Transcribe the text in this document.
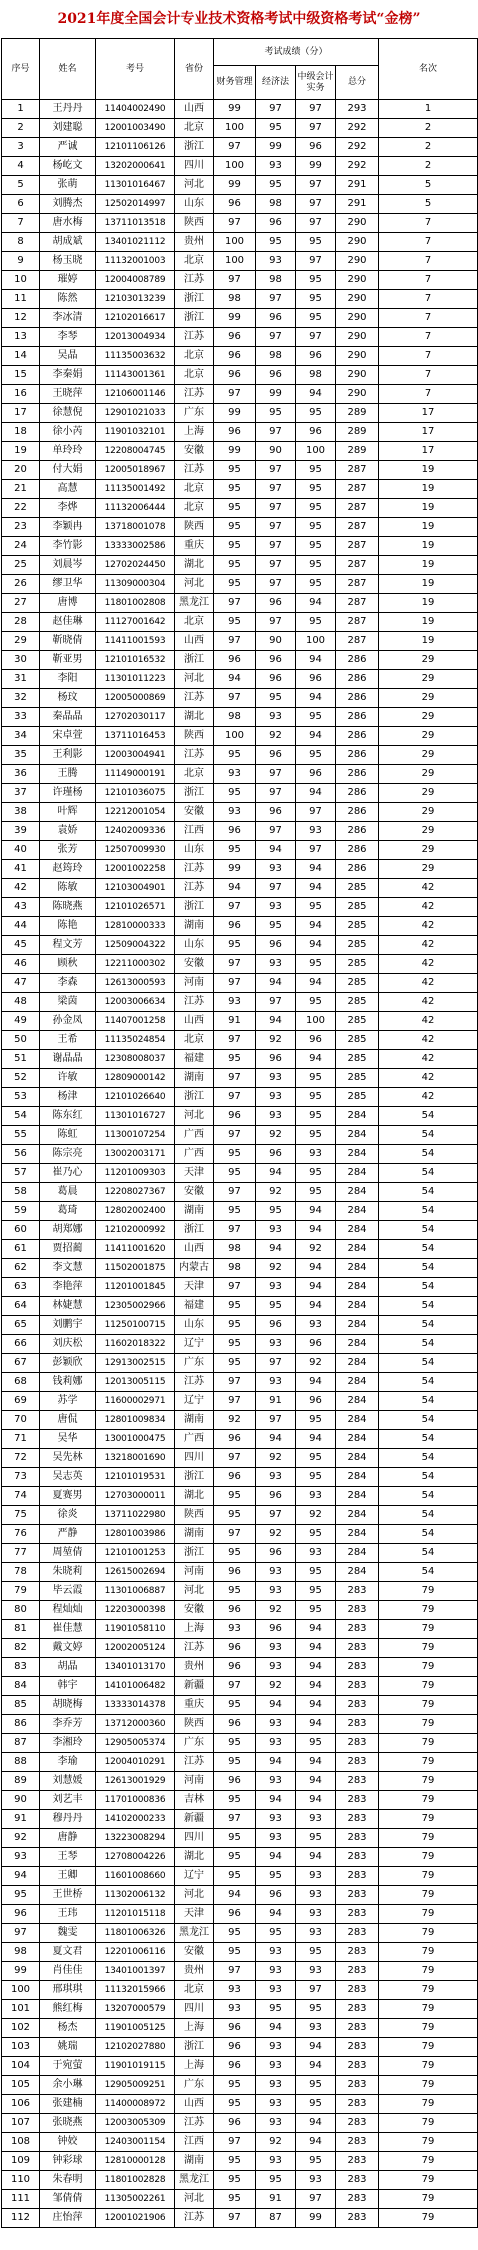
2021年度全国会计专业技术资格考试中级资格考试“金榜”
序号	姓名	考号	省份	考试成绩（分）				名次
				财务管理	经济法	中级会计实务	总分	
1	王丹丹	11404002490	山西	99	97	97	293	1
2	刘建聪	12001003490	北京	100	95	97	292	2
3	严诚	12101106126	浙江	97	99	96	292	2
4	杨屹文	13202000641	四川	100	93	99	292	2
5	张萌	11301016467	河北	99	95	97	291	5
6	刘腾杰	12502014997	山东	96	98	97	291	5
7	唐水梅	13711013518	陕西	97	96	97	290	7
8	胡成斌	13401021112	贵州	100	95	95	290	7
9	杨玉晓	11132001003	北京	100	93	97	290	7
10	璀婷	12004008789	江苏	97	98	95	290	7
11	陈然	12103013239	浙江	98	97	95	290	7
12	李冰清	12102016617	浙江	99	96	95	290	7
13	李琴	12013004934	江苏	96	97	97	290	7
14	吴晶	11135003632	北京	96	98	96	290	7
15	李秦娟	11143001361	北京	96	96	98	290	7
16	王晓萍	12106001146	江苏	97	99	94	290	7
17	徐慧倪	12901021033	广东	99	95	95	289	17
18	徐小芮	11901032101	上海	96	97	96	289	17
19	单玲玲	12208004745	安徽	99	90	100	289	17
20	付大娟	12005018967	江苏	95	97	95	287	19
21	高慧	11135001492	北京	95	97	95	287	19
22	李烨	11132006444	北京	95	97	95	287	19
23	李颖冉	13718001078	陕西	95	97	95	287	19
24	李竹影	13333002586	重庆	95	97	95	287	19
25	刘晨岑	12702024450	湖北	95	97	95	287	19
26	缪卫华	11309000304	河北	95	97	95	287	19
27	唐博	11801002808	黑龙江	97	96	94	287	19
28	赵佳琳	11127001642	北京	95	97	95	287	19
29	靳晓倩	11411001593	山西	97	90	100	287	19
30	靳亚男	12101016532	浙江	96	96	94	286	29
31	李阳	11301011223	河北	94	96	96	286	29
32	杨玟	12005000869	江苏	97	95	94	286	29
33	秦晶晶	12702030117	湖北	98	93	95	286	29
34	宋卓萱	13711016453	陕西	100	92	94	286	29
35	王利影	12003004941	江苏	95	96	95	286	29
36	王腾	11149000191	北京	93	97	96	286	29
37	许瑾杨	12101036075	浙江	95	97	94	286	29
38	叶辉	12212001054	安徽	93	96	97	286	29
39	袁娇	12402009336	江西	96	97	93	286	29
40	张芳	12507009930	山东	95	94	97	286	29
41	赵筠玲	12001002258	江苏	99	93	94	286	29
42	陈敏	12103004901	江苏	94	97	94	285	42
43	陈晓燕	12101026571	浙江	97	93	95	285	42
44	陈艳	12810000333	湖南	96	95	94	285	42
45	程文芳	12509004322	山东	95	96	94	285	42
46	顾秋	12211000302	安徽	97	93	95	285	42
47	李森	12613000593	河南	97	94	94	285	42
48	梁茵	12003006634	江苏	93	97	95	285	42
49	孙金凤	11407001258	山西	91	94	100	285	42
50	王希	11135024854	北京	97	92	96	285	42
51	谢晶晶	12308008037	福建	95	96	94	285	42
52	许敏	12809000142	湖南	97	93	95	285	42
53	杨津	12101026640	浙江	97	93	95	285	42
54	陈东红	11301016727	河北	96	93	95	284	54
55	陈虹	11300107254	广西	97	92	95	284	54
56	陈宗亮	13002003171	广西	95	96	93	284	54
57	崔乃心	11201009303	天津	95	94	95	284	54
58	葛晨	12208027367	安徽	97	92	95	284	54
59	葛琦	12802002400	湖南	95	95	94	284	54
60	胡郑娜	12102000992	浙江	97	93	94	284	54
61	贾招蔺	11411001620	山西	98	94	92	284	54
62	李文慧	11502001875	内蒙古	98	92	94	284	54
63	李艳萍	11201001845	天津	97	93	94	284	54
64	林婕慧	12305002966	福建	95	95	94	284	54
65	刘鹏宇	11250100715	山东	95	96	93	284	54
66	刘庆松	11602018322	辽宁	95	93	96	284	54
67	彭颖欣	12913002515	广东	95	97	92	284	54
68	钱莉娜	12013005115	江苏	97	93	94	284	54
69	苏学	11600002971	辽宁	97	91	96	284	54
70	唐侃	12801009834	湖南	92	97	95	284	54
71	吴华	13001000475	广西	96	94	94	284	54
72	吴先林	13218001690	四川	97	92	95	284	54
73	吴志英	12101019531	浙江	96	93	95	284	54
74	夏赛男	12703000011	湖北	95	96	93	284	54
75	徐炎	13711022980	陕西	95	97	92	284	54
76	严静	12801003986	湖南	97	92	95	284	54
77	周堃倩	12101001253	浙江	95	96	93	284	54
78	朱晓莉	12615002694	河南	96	93	95	284	54
79	毕云霞	11301006887	河北	95	93	95	283	79
80	程灿灿	12203000398	安徽	96	92	95	283	79
81	崔佳慧	11901058110	上海	93	96	94	283	79
82	戴文婷	12002005124	江苏	96	93	94	283	79
83	胡晶	13401013170	贵州	96	93	94	283	79
84	韩宇	14101006482	新疆	97	92	94	283	79
85	胡晓梅	13333014378	重庆	95	94	94	283	79
86	李乔芳	13712000360	陕西	96	93	94	283	79
87	李湘玲	12905005374	广东	95	93	95	283	79
88	李瑜	12004010291	江苏	95	94	94	283	79
89	刘慧媛	12613001929	河南	96	93	94	283	79
90	刘艺丰	11701000836	吉林	95	94	94	283	79
91	穆丹丹	14102000233	新疆	97	93	93	283	79
92	唐静	13223008294	四川	95	93	95	283	79
93	王琴	12708004226	湖北	95	94	94	283	79
94	王卿	11601008660	辽宁	95	95	93	283	79
95	王世桥	11302006132	河北	94	96	93	283	79
96	王玮	11201015118	天津	96	94	93	283	79
97	魏雯	11801006326	黑龙江	95	95	93	283	79
98	夏文君	12201006116	安徽	95	93	95	283	79
99	肖佳佳	13401001397	贵州	97	93	93	283	79
100	邢琪琪	11132015966	北京	93	93	97	283	79
101	熊红梅	13207000579	四川	93	95	95	283	79
102	杨杰	11901005125	上海	96	94	93	283	79
103	姚瑞	12102027880	浙江	96	93	94	283	79
104	于宛萤	11901019115	上海	96	93	94	283	79
105	余小琳	12905009251	广东	95	93	95	283	79
106	张建楠	11400008972	山西	95	93	95	283	79
107	张晓燕	12003005309	江苏	96	93	94	283	79
108	钟姣	12403001154	江西	97	92	94	283	79
109	钟彩球	12810000128	湖南	95	93	95	283	79
110	朱春明	11801002828	黑龙江	95	95	93	283	79
111	邹倩倩	11305002261	河北	95	91	97	283	79
112	庄怡萍	12001021906	江苏	97	87	99	283	79
